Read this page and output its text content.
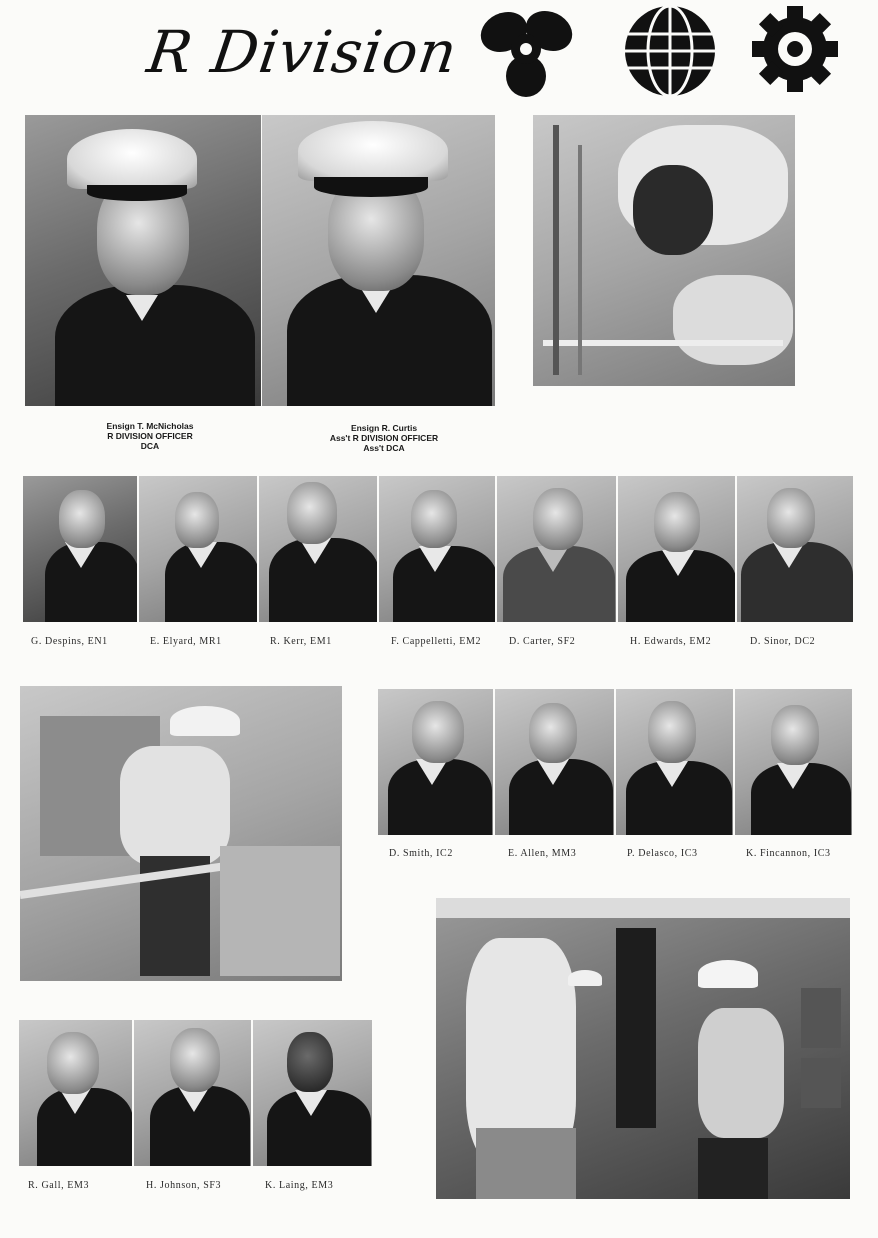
R Division
Ensign T. McNicholas
R DIVISION OFFICER
DCA
Ensign R. Curtis
Ass't R DIVISION OFFICER
Ass't DCA
G. Despins, EN1	E. Elyard, MR1	R. Kerr, EM1	F. Cappelletti, EM2	D. Carter, SF2	H. Edwards, EM2	D. Sinor, DC2
D. Smith, IC2	E. Allen, MM3	P. Delasco, IC3	K. Fincannon, IC3
R. Gall, EM3	H. Johnson, SF3	K. Laing, EM3
